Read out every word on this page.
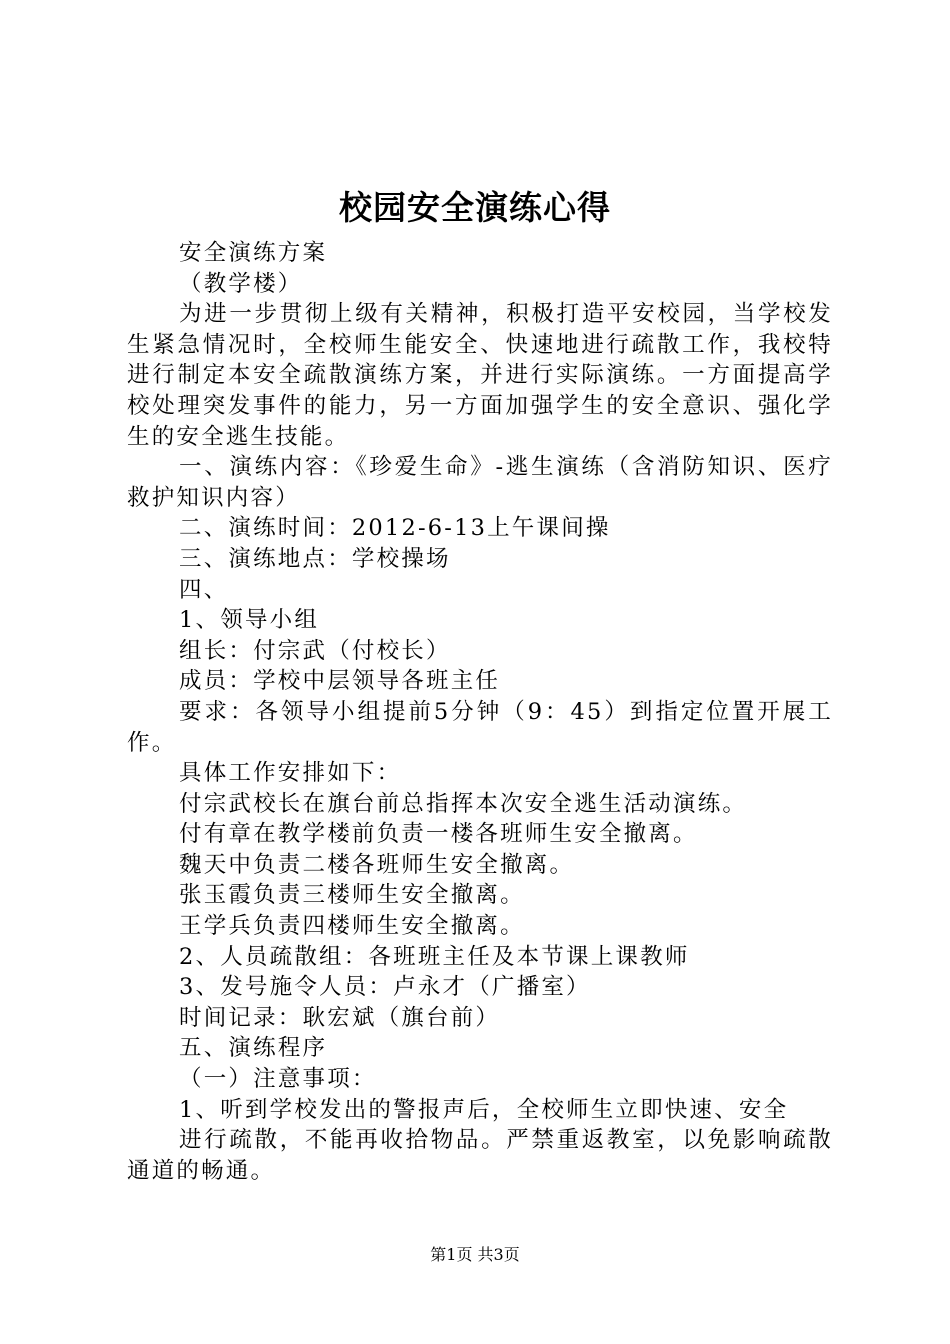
校园安全演练心得

安全演练方案

（教学楼）

为进一步贯彻上级有关精神，积极打造平安校园，当学校发生紧急情况时，全校师生能安全、快速地进行疏散工作，我校特进行制定本安全疏散演练方案，并进行实际演练。一方面提高学校处理突发事件的能力，另一方面加强学生的安全意识、强化学生的安全逃生技能。

一、演练内容：《珍爱生命》-逃生演练（含消防知识、医疗救护知识内容）

二、演练时间：2012-6-13上午课间操

三、演练地点：学校操场

四、

1、领导小组

组长：付宗武（付校长）

成员：学校中层领导各班主任

要求：各领导小组提前5分钟（9：45）到指定位置开展工作。

具体工作安排如下：

付宗武校长在旗台前总指挥本次安全逃生活动演练。

付有章在教学楼前负责一楼各班师生安全撤离。

魏天中负责二楼各班师生安全撤离。

张玉霞负责三楼师生安全撤离。

王学兵负责四楼师生安全撤离。

2、人员疏散组：各班班主任及本节课上课教师

3、发号施令人员：卢永才（广播室）

时间记录：耿宏斌（旗台前）

五、演练程序

（一）注意事项：

1、听到学校发出的警报声后，全校师生立即快速、安全

进行疏散，不能再收拾物品。严禁重返教室，以免影响疏散通道的畅通。

第1页 共3页
